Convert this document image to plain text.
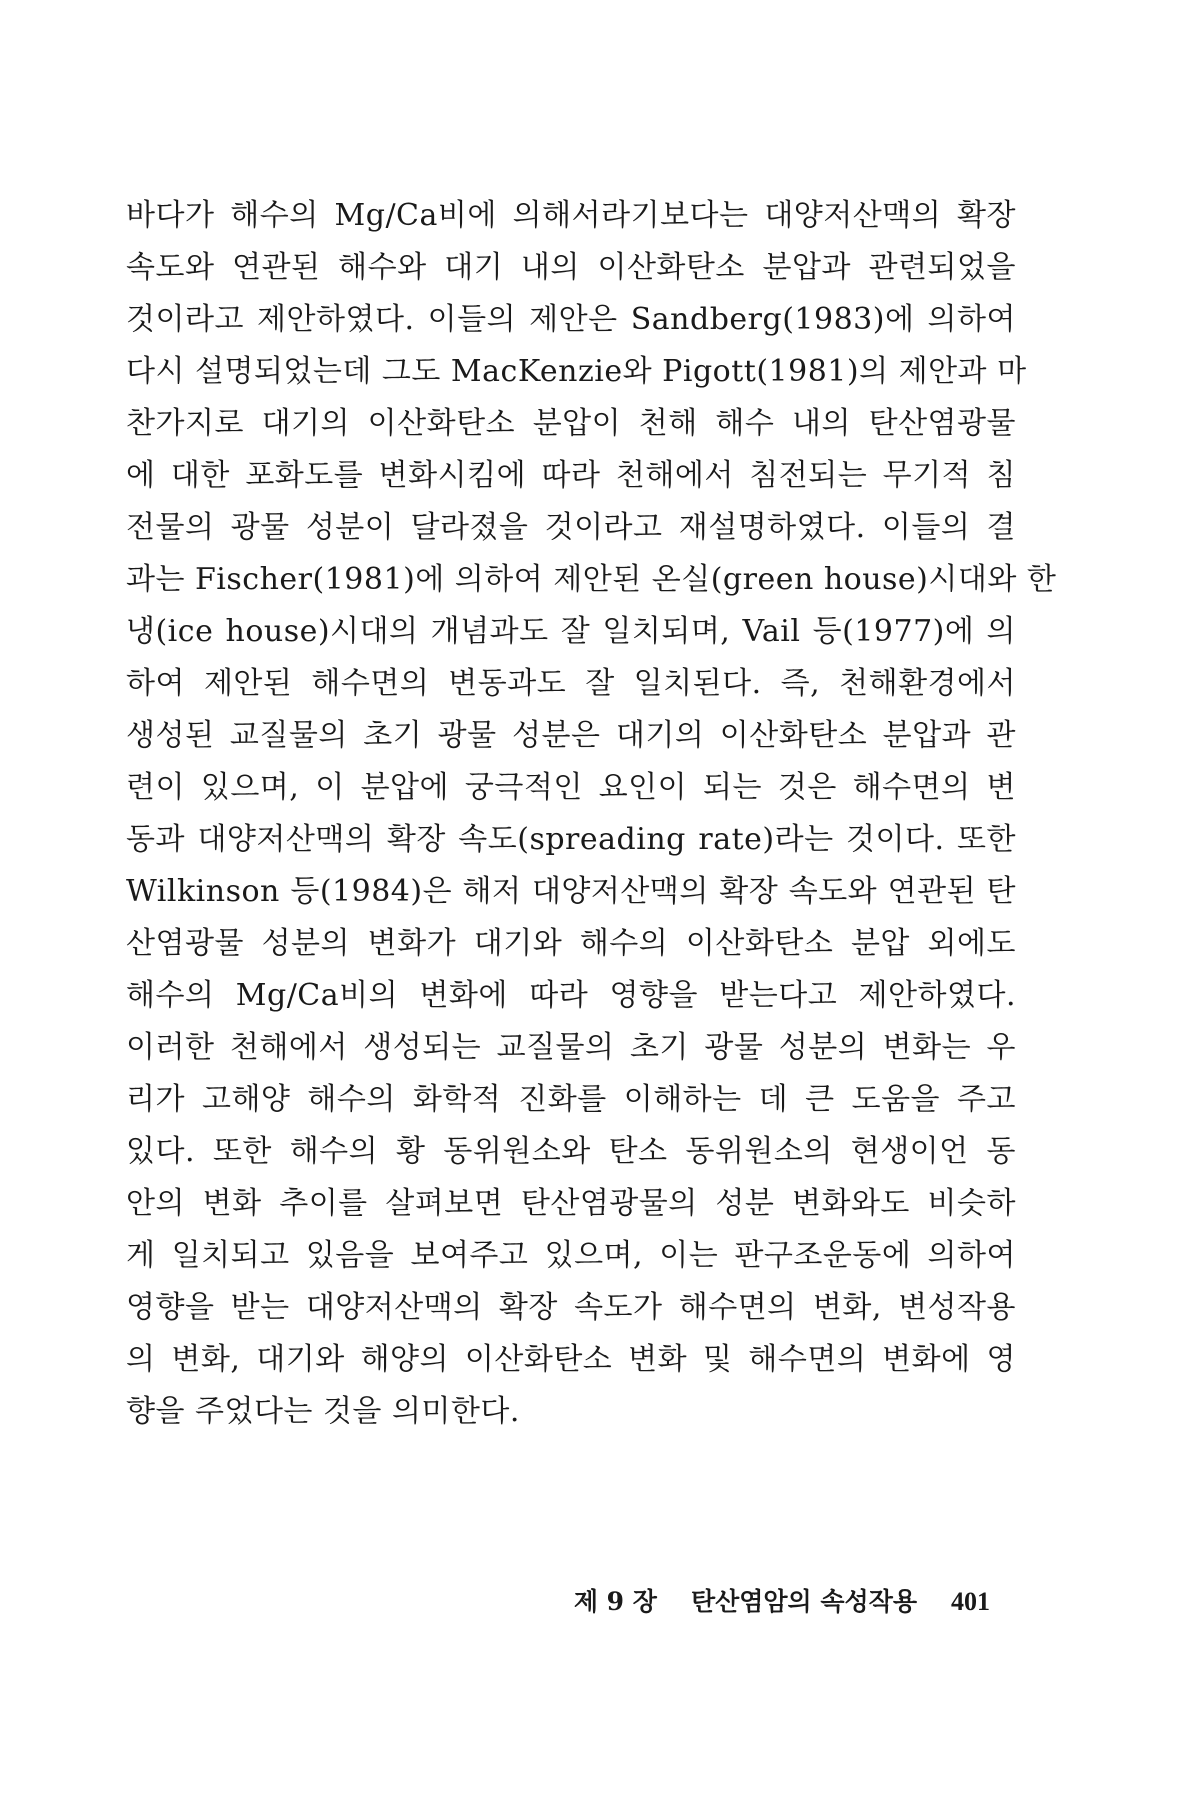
바다가 해수의 Mg/Ca비에 의해서라기보다는 대양저산맥의 확장
속도와 연관된 해수와 대기 내의 이산화탄소 분압과 관련되었을
것이라고 제안하였다. 이들의 제안은 Sandberg(1983)에 의하여
다시 설명되었는데 그도 MacKenzie와 Pigott(1981)의 제안과 마
찬가지로 대기의 이산화탄소 분압이 천해 해수 내의 탄산염광물
에 대한 포화도를 변화시킴에 따라 천해에서 침전되는 무기적 침
전물의 광물 성분이 달라졌을 것이라고 재설명하였다. 이들의 결
과는 Fischer(1981)에 의하여 제안된 온실(green house)시대와 한
냉(ice house)시대의 개념과도 잘 일치되며, Vail 등(1977)에 의
하여 제안된 해수면의 변동과도 잘 일치된다. 즉, 천해환경에서
생성된 교질물의 초기 광물 성분은 대기의 이산화탄소 분압과 관
련이 있으며, 이 분압에 궁극적인 요인이 되는 것은 해수면의 변
동과 대양저산맥의 확장 속도(spreading rate)라는 것이다. 또한
Wilkinson 등(1984)은 해저 대양저산맥의 확장 속도와 연관된 탄
산염광물 성분의 변화가 대기와 해수의 이산화탄소 분압 외에도
해수의 Mg/Ca비의 변화에 따라 영향을 받는다고 제안하였다.
이러한 천해에서 생성되는 교질물의 초기 광물 성분의 변화는 우
리가 고해양 해수의 화학적 진화를 이해하는 데 큰 도움을 주고
있다. 또한 해수의 황 동위원소와 탄소 동위원소의 현생이언 동
안의 변화 추이를 살펴보면 탄산염광물의 성분 변화와도 비슷하
게 일치되고 있음을 보여주고 있으며, 이는 판구조운동에 의하여
영향을 받는 대양저산맥의 확장 속도가 해수면의 변화, 변성작용
의 변화, 대기와 해양의 이산화탄소 변화 및 해수면의 변화에 영
향을 주었다는 것을 의미한다.
제 9 장 탄산염암의 속성작용 401
